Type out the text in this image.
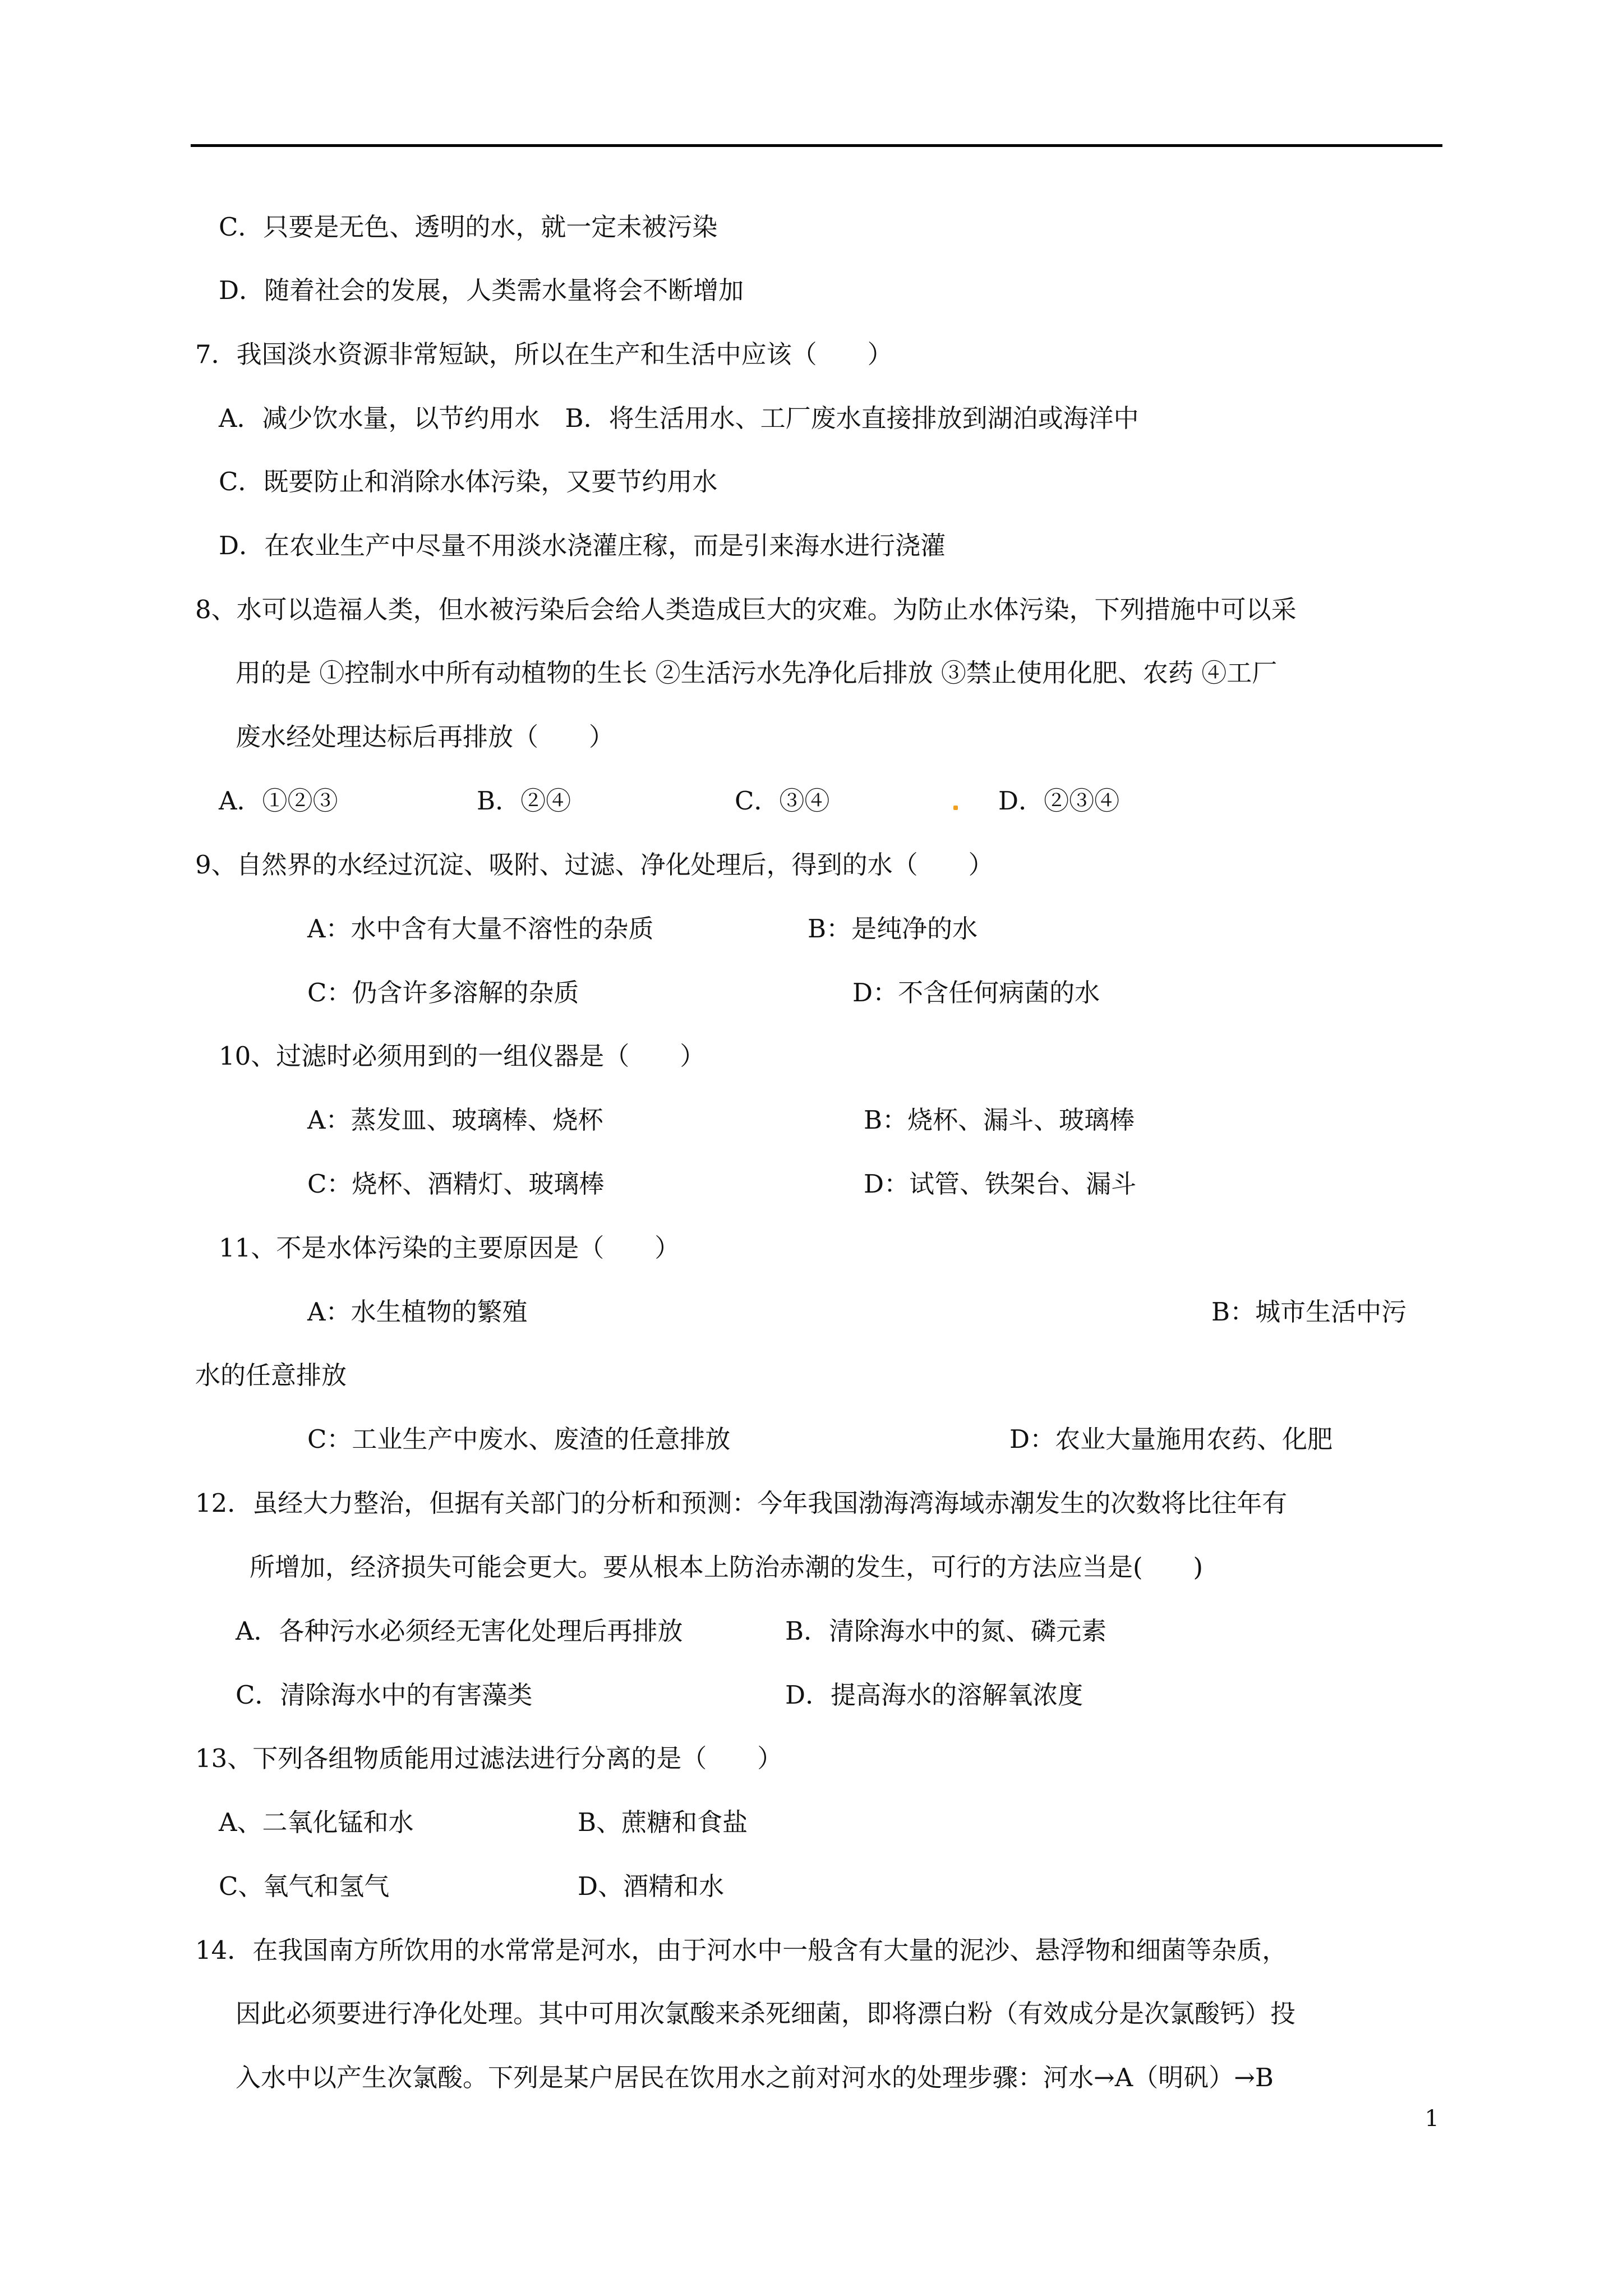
C．只要是无色、透明的水，就一定未被污染
D．随着社会的发展，人类需水量将会不断增加
7．我国淡水资源非常短缺，所以在生产和生活中应该（　　）
A．减少饮水量，以节约用水　B．将生活用水、工厂废水直接排放到湖泊或海洋中
C．既要防止和消除水体污染，又要节约用水
D．在农业生产中尽量不用淡水浇灌庄稼，而是引来海水进行浇灌
8、水可以造福人类，但水被污染后会给人类造成巨大的灾难。为防止水体污染，下列措施中可以采
用的是 ①控制水中所有动植物的生长 ②生活污水先净化后排放 ③禁止使用化肥、农药 ④工厂
废水经处理达标后再排放（　　）
A．①②③	B．②④	C．③④	D．②③④
9、自然界的水经过沉淀、吸附、过滤、净化处理后，得到的水（　　）
A：水中含有大量不溶性的杂质	B：是纯净的水
C：仍含许多溶解的杂质	D：不含任何病菌的水
10、过滤时必须用到的一组仪器是（　　）
A：蒸发皿、玻璃棒、烧杯	B：烧杯、漏斗、玻璃棒
C：烧杯、酒精灯、玻璃棒	D：试管、铁架台、漏斗
11、不是水体污染的主要原因是（　　）
A：水生植物的繁殖	B：城市生活中污
水的任意排放
C：工业生产中废水、废渣的任意排放	D：农业大量施用农药、化肥
12．虽经大力整治，但据有关部门的分析和预测：今年我国渤海湾海域赤潮发生的次数将比往年有
所增加，经济损失可能会更大。要从根本上防治赤潮的发生，可行的方法应当是(　　)
A．各种污水必须经无害化处理后再排放	B．清除海水中的氮、磷元素
C．清除海水中的有害藻类	D．提高海水的溶解氧浓度
13、下列各组物质能用过滤法进行分离的是（　　）
A、二氧化锰和水	B、蔗糖和食盐
C、氧气和氢气	D、酒精和水
14．在我国南方所饮用的水常常是河水，由于河水中一般含有大量的泥沙、悬浮物和细菌等杂质，
因此必须要进行净化处理。其中可用次氯酸来杀死细菌，即将漂白粉（有效成分是次氯酸钙）投
入水中以产生次氯酸。下列是某户居民在饮用水之前对河水的处理步骤：河水→A（明矾）→B
1
